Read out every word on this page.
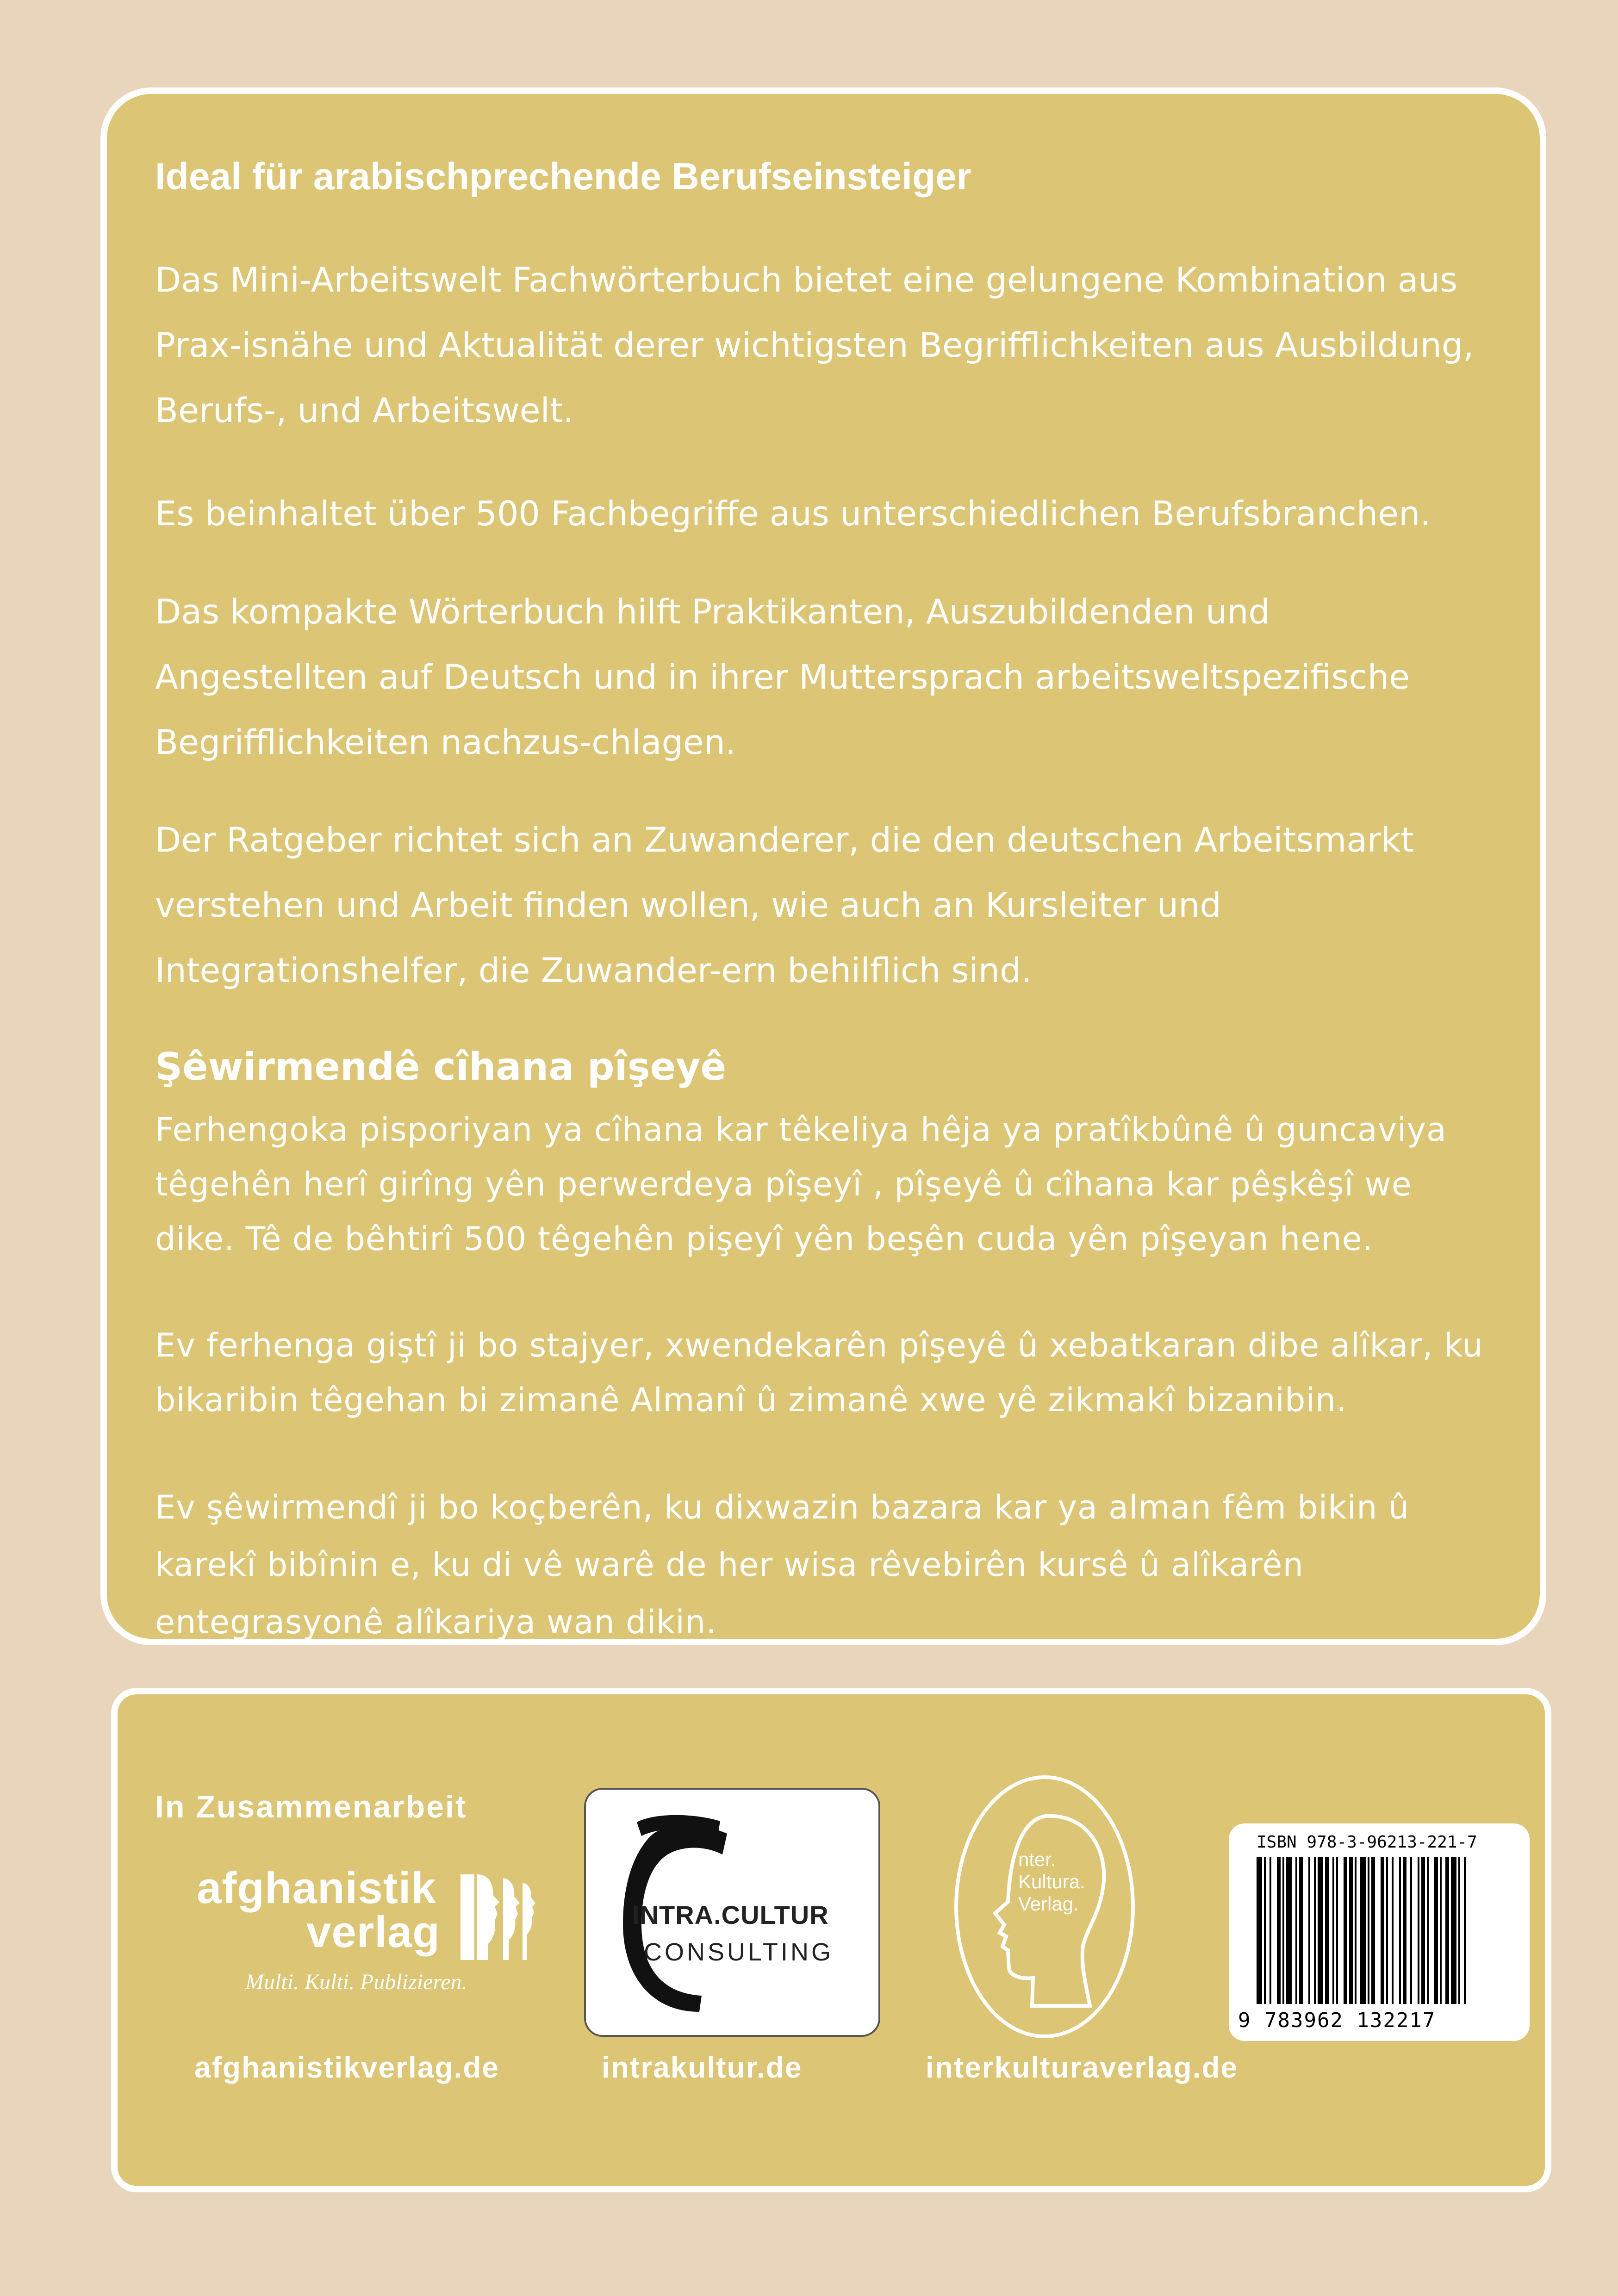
Ideal für arabischprechende Berufseinsteiger

Das Mini-Arbeitswelt Fachwörterbuch bietet eine gelungene Kombination aus Prax-isnähe und Aktualität derer wichtigsten Begrifflichkeiten aus Ausbildung, Berufs-, und Arbeitswelt.

Es beinhaltet über 500 Fachbegriffe aus unterschiedlichen Berufsbranchen.

Das kompakte Wörterbuch hilft Praktikanten, Auszubildenden und Angestellten auf Deutsch und in ihrer Muttersprach arbeitsweltspezifische Begrifflichkeiten nachzus-chlagen.

Der Ratgeber richtet sich an Zuwanderer, die den deutschen Arbeitsmarkt verstehen und Arbeit finden wollen, wie auch an Kursleiter und Integrationshelfer, die Zuwander-ern behilflich sind.

Şêwirmendê cîhana pîşeyê

Ferhengoka pisporiyan ya cîhana kar têkeliya hêja ya pratîkbûnê û guncaviya têgehên herî girîng yên perwerdeya pîşeyî , pîşeyê û cîhana kar pêşkêşî we dike. Tê de bêhtirî 500 têgehên pişeyî yên beşên cuda yên pîşeyan hene.

Ev ferhenga giştî ji bo stajyer, xwendekarên pîşeyê û xebatkaran dibe alîkar, ku bikaribin têgehan bi zimanê Almanî û zimanê xwe yê zikmakî bizanibin.

Ev şêwirmendî ji bo koçberên, ku dixwazin bazara kar ya alman fêm bikin û karekî bibînin e, ku di vê warê de her wisa rêvebirên kursê û alîkarên entegrasyonê alîkariya wan dikin.

In Zusammenarbeit
afghanistik
verlag
Multi. Kulti. Publizieren.
INTRA.CULTUR
CONSULTING
nter.
Kultura.
Verlag.
ISBN 978-3-96213-221-7
9 783962 132217
afghanistikverlag.de	intrakultur.de	interkulturaverlag.de
